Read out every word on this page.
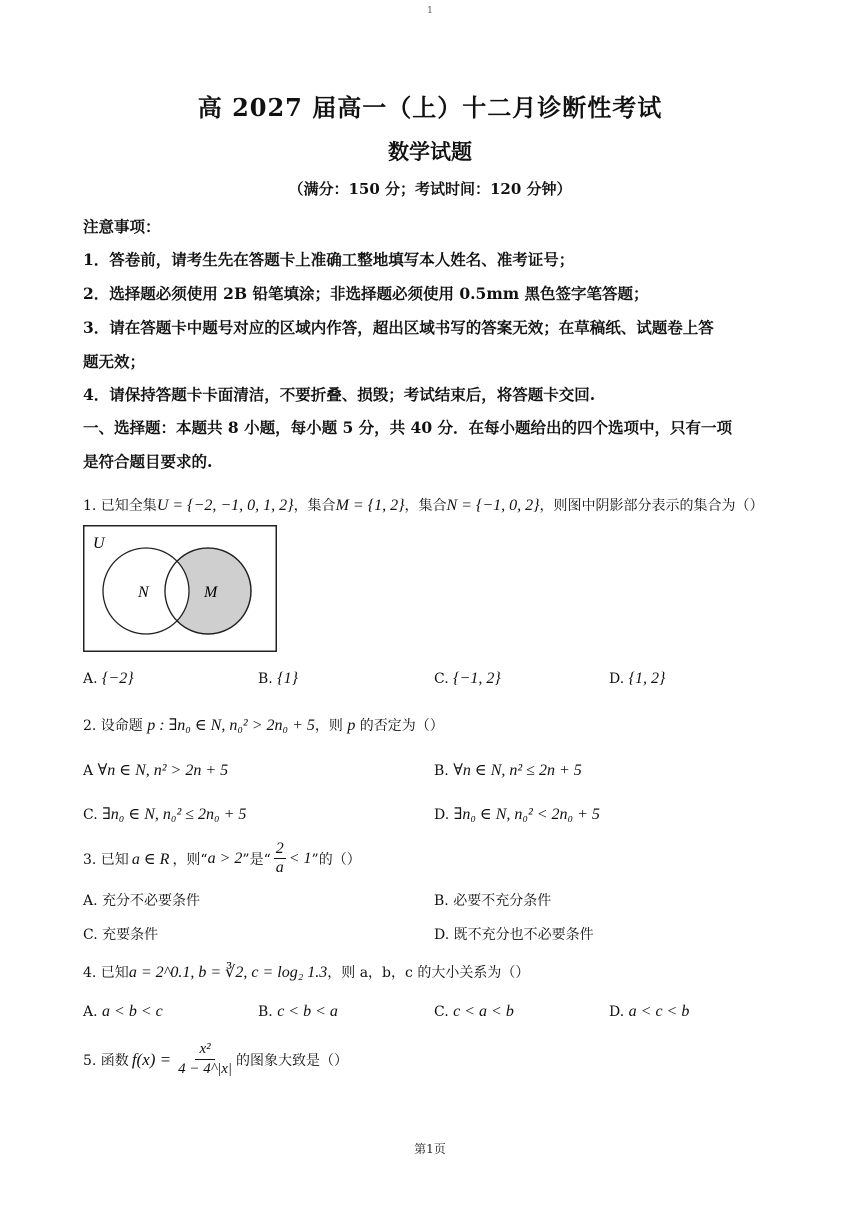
1
高 2027 届高一（上）十二月诊断性考试
数学试题
（满分：150 分；考试时间：120 分钟）
注意事项：
1．答卷前，请考生先在答题卡上准确工整地填写本人姓名、准考证号；
2．选择题必须使用 2B 铅笔填涂；非选择题必须使用 0.5mm 黑色签字笔答题；
3．请在答题卡中题号对应的区域内作答，超出区域书写的答案无效；在草稿纸、试题卷上答
题无效；
4．请保持答题卡卡面清洁，不要折叠、损毁；考试结束后，将答题卡交回.
一、选择题：本题共 8 小题，每小题 5 分，共 40 分．在每小题给出的四个选项中，只有一项
是符合题目要求的.
1. 已知全集U = {−2, −1, 0, 1, 2}，集合M = {1, 2}，集合N = {−1, 0, 2}，则图中阴影部分表示的集合为（）
U
N	M
A. {−2}	B. {1}	C. {−1, 2}	D. {1, 2}
2. 设命题 p : ∃n₀ ∈ N, n₀² > 2n₀ + 5，则 p 的否定为（）
A ∀n ∈ N, n² > 2n + 5	B. ∀n ∈ N, n² ≤ 2n + 5
C. ∃n₀ ∈ N, n₀² ≤ 2n₀ + 5	D. ∃n₀ ∈ N, n₀² < 2n₀ + 5
3. 已知 a ∈ R ，则“ a > 2 ”是“
2
a
< 1 ”的（）
A. 充分不必要条件	B. 必要不充分条件
C. 充要条件	D. 既不充分也不必要条件
4. 已知a = 2^0.1, b = ∛2, c = log₂ 1.3，则 a，b，c 的大小关系为（）
A. a < b < c	B. c < b < a	C. c < a < b	D. a < c < b
5. 函数 $f(x) = \frac{\text{x²}}{4 - 4\^{}|x|}$ 的图象大致是（）
第1页
